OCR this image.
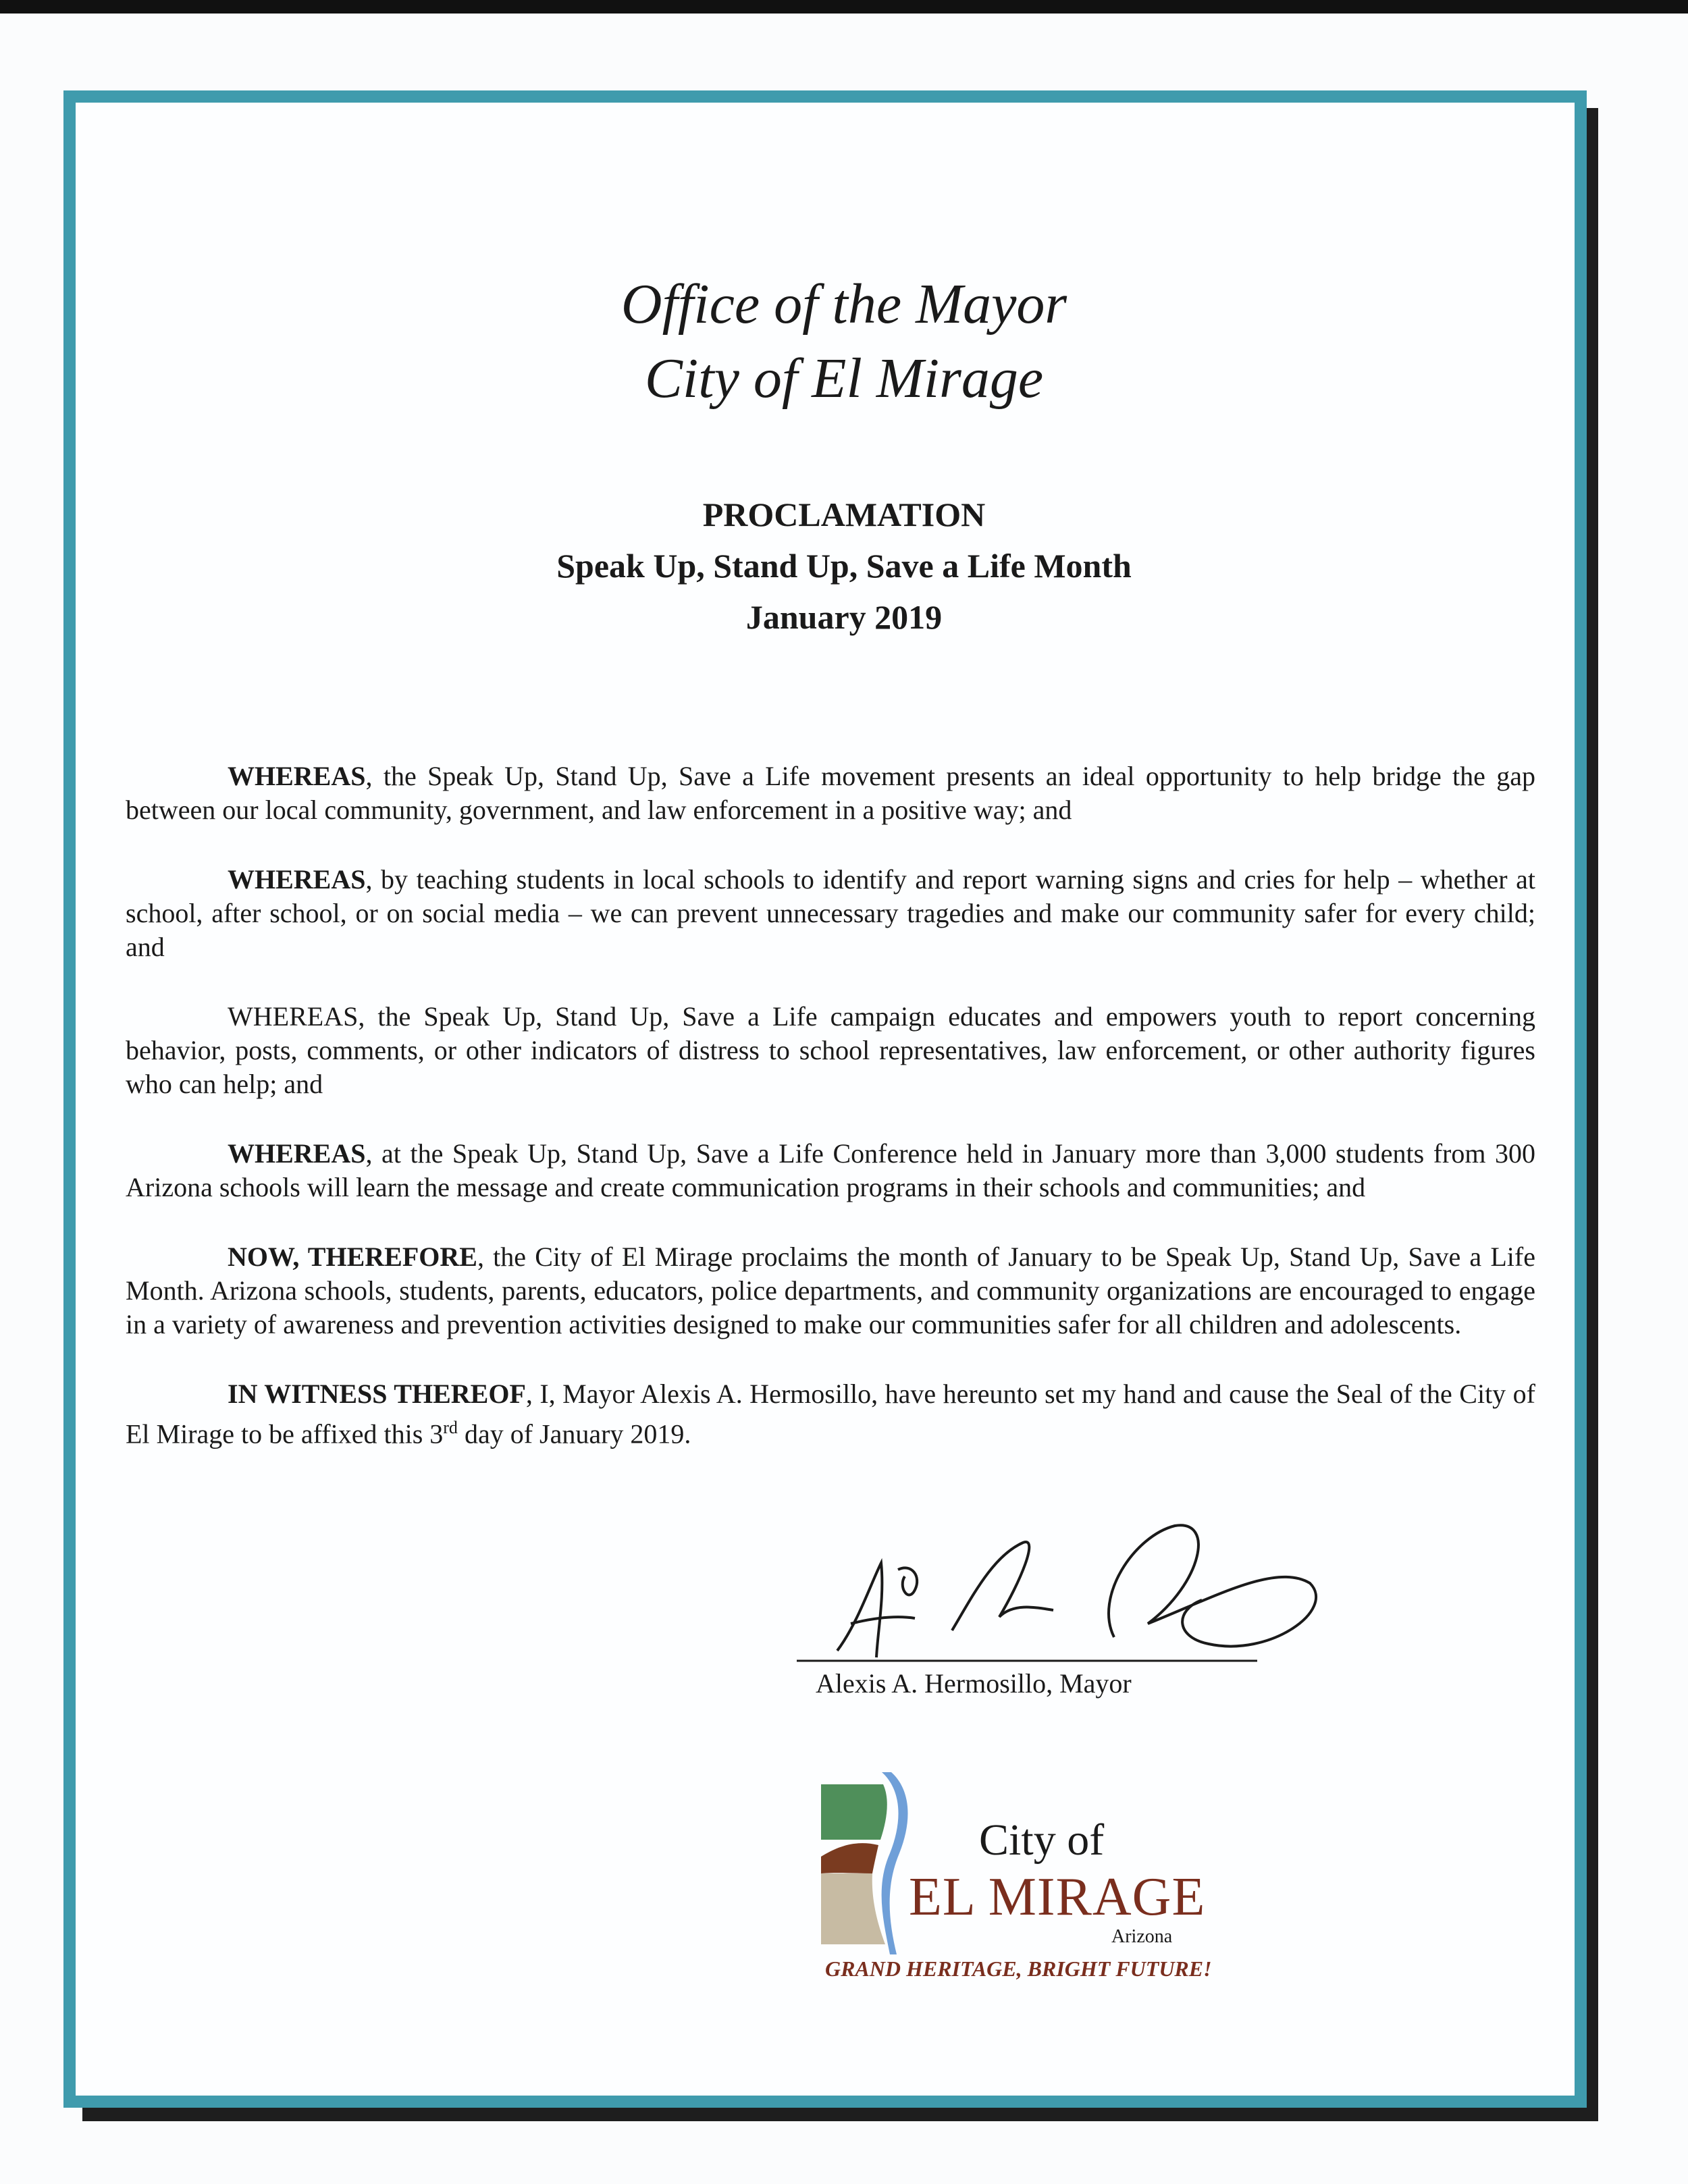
Office of the Mayor
City of El Mirage
PROCLAMATION
Speak Up, Stand Up, Save a Life Month
January 2019

WHEREAS, the Speak Up, Stand Up, Save a Life movement presents an ideal opportunity to help bridge the gap between our local community, government, and law enforcement in a positive way; and

WHEREAS, by teaching students in local schools to identify and report warning signs and cries for help – whether at school, after school, or on social media – we can prevent unnecessary tragedies and make our community safer for every child; and

WHEREAS, the Speak Up, Stand Up, Save a Life campaign educates and empowers youth to report concerning behavior, posts, comments, or other indicators of distress to school representatives, law enforcement, or other authority figures who can help; and

WHEREAS, at the Speak Up, Stand Up, Save a Life Conference held in January more than 3,000 students from 300 Arizona schools will learn the message and create communication programs in their schools and communities; and

NOW, THEREFORE, the City of El Mirage proclaims the month of January to be Speak Up, Stand Up, Save a Life Month. Arizona schools, students, parents, educators, police departments, and community organizations are encouraged to engage in a variety of awareness and prevention activities designed to make our communities safer for all children and adolescents.

IN WITNESS THEREOF, I, Mayor Alexis A. Hermosillo, have hereunto set my hand and cause the Seal of the City of El Mirage to be affixed this 3rd day of January 2019.

Alexis A. Hermosillo, Mayor
City of
EL MIRAGE
Arizona
GRAND HERITAGE, BRIGHT FUTURE!
